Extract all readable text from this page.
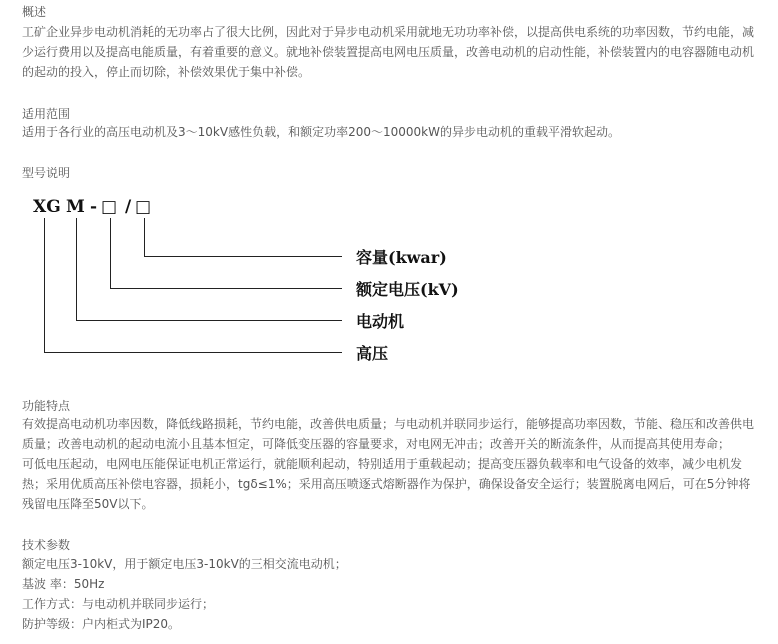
概述
工矿企业异步电动机消耗的无功率占了很大比例，因此对于异步电动机采用就地无功功率补偿，以提高供电系统的功率因数，节约电能，减
少运行费用以及提高电能质量，有着重要的意义。就地补偿装置提高电网电压质量，改善电动机的启动性能，补偿装置内的电容器随电动机
的起动的投入，停止而切除，补偿效果优于集中补偿。
适用范围
适用于各行业的高压电动机及3～10kV感性负载，和额定功率200～10000kW的异步电动机的重载平滑软起动。
型号说明
XG M - □ / □
容量(kwar)
额定电压(kV)
电动机
高压
功能特点
有效提高电动机功率因数，降低线路损耗，节约电能，改善供电质量；与电动机并联同步运行，能够提高功率因数，节能、稳压和改善供电
质量；改善电动机的起动电流小且基本恒定，可降低变压器的容量要求，对电网无冲击；改善开关的断流条件，从而提高其使用寿命；
可低电压起动，电网电压能保证电机正常运行，就能顺利起动，特别适用于重载起动；提高变压器负载率和电气设备的效率，减少电机发
热；采用优质高压补偿电容器，损耗小，tgδ≤1%；采用高压喷逐式熔断器作为保护，确保设备安全运行；装置脱离电网后，可在5分钟将
残留电压降至50V以下。
技术参数
额定电压3-10kV，用于额定电压3-10kV的三相交流电动机；
基波 率：50Hz
工作方式：与电动机并联同步运行；
防护等级：户内柜式为IP20。
